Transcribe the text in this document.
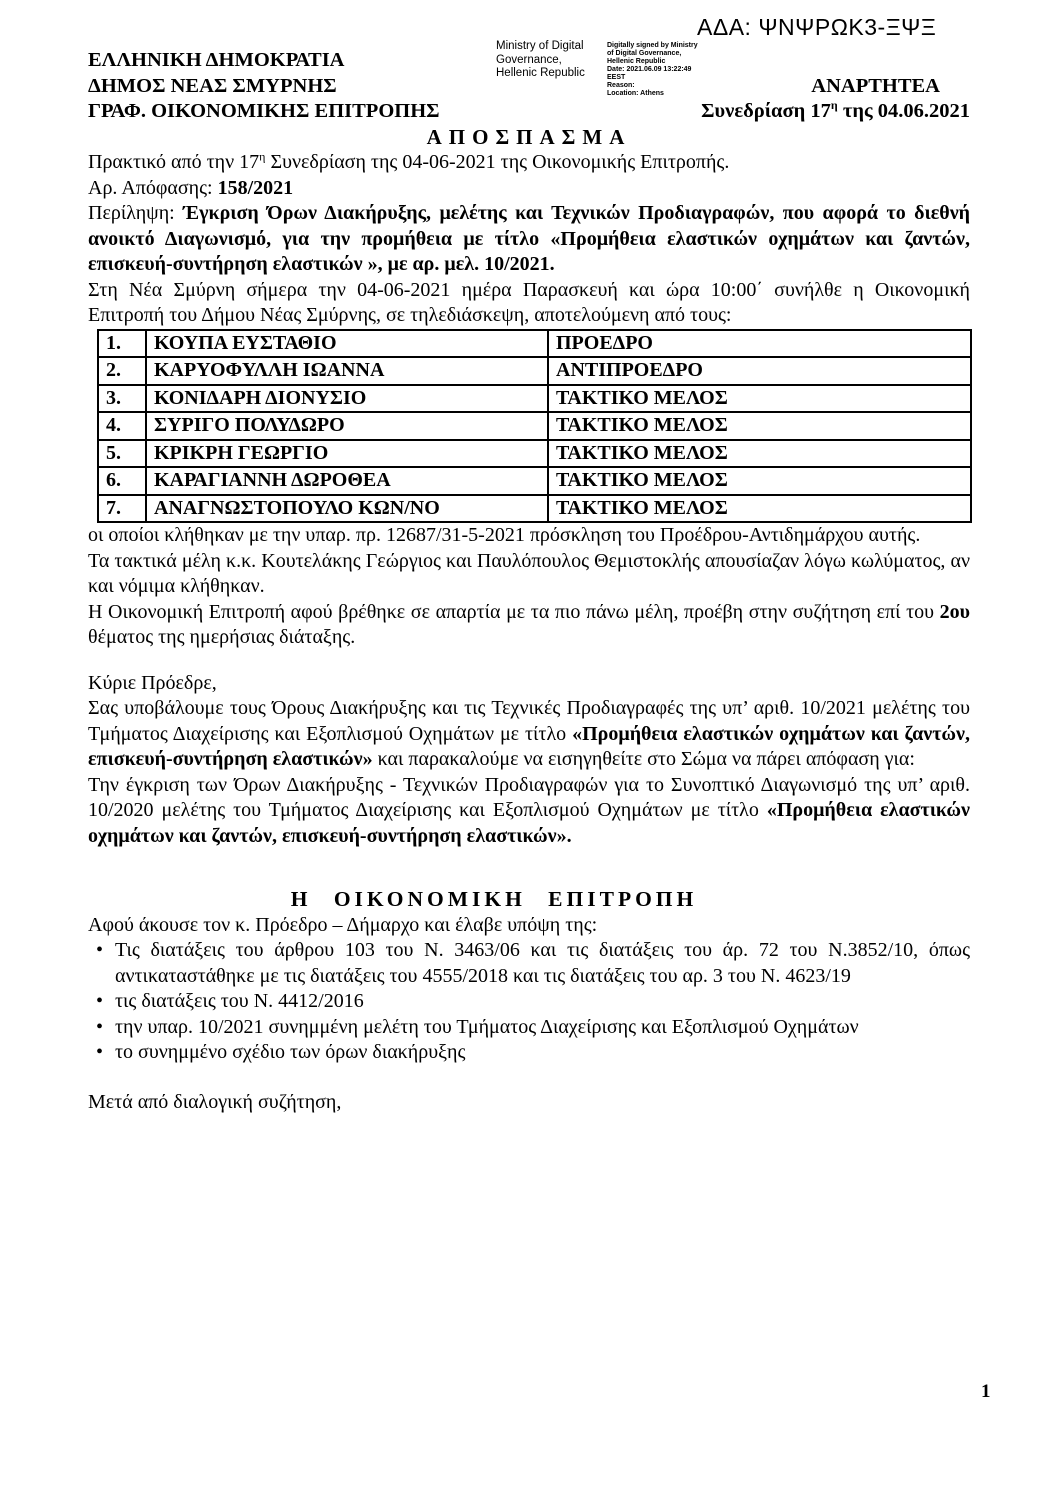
ΑΔΑ: ΨΝΨΡΩΚ3-ΞΨΞ
Ministry of Digital
Governance,
Hellenic Republic
Digitally signed by Ministry
of Digital Governance,
Hellenic Republic
Date: 2021.06.09 13:22:49
EEST
Reason:
Location: Athens
ΕΛΛΗΝΙΚΗ ΔΗΜΟΚΡΑΤΙΑ
ΔΗΜΟΣ ΝΕΑΣ ΣΜΥΡΝΗΣ
ΓΡΑΦ. ΟΙΚΟΝΟΜΙΚΗΣ ΕΠΙΤΡΟΠΗΣ
ΑΝΑΡΤΗΤΕΑ
Συνεδρίαση $17^\eta$ της 04.06.2021
ΑΠΟΣΠΑΣΜΑ
Πρακτικό από την $17^\eta$ Συνεδρίαση της 04-06-2021 της Οικονομικής Επιτροπής.
Αρ. Απόφασης: 158/2021
Περίληψη: Έγκριση Όρων Διακήρυξης, μελέτης και Τεχνικών Προδιαγραφών, που αφορά το διεθνή ανοικτό Διαγωνισμό, για την προμήθεια με τίτλο «Προμήθεια ελαστικών οχημάτων και ζαντών, επισκευή-συντήρηση ελαστικών », με αρ. μελ. 10/2021.
Στη Νέα Σμύρνη σήμερα την 04-06-2021 ημέρα Παρασκευή και ώρα 10:00΄ συνήλθε η Οικονομική Επιτροπή του Δήμου Νέας Σμύρνης, σε τηλεδιάσκεψη, αποτελούμενη από τους:
1.	ΚΟΥΠΑ ΕΥΣΤΑΘΙΟ	ΠΡΟΕΔΡΟ
2.	ΚΑΡΥΟΦΥΛΛΗ ΙΩΑΝΝΑ	ΑΝΤΙΠΡΟΕΔΡΟ
3.	ΚΟΝΙΔΑΡΗ ΔΙΟΝΥΣΙΟ	ΤΑΚΤΙΚΟ ΜΕΛΟΣ
4.	ΣΥΡΙΓΟ ΠΟΛΥΔΩΡΟ	ΤΑΚΤΙΚΟ ΜΕΛΟΣ
5.	ΚΡΙΚΡΗ ΓΕΩΡΓΙΟ	ΤΑΚΤΙΚΟ ΜΕΛΟΣ
6.	ΚΑΡΑΓΙΑΝΝΗ ΔΩΡΟΘΕΑ	ΤΑΚΤΙΚΟ ΜΕΛΟΣ
7.	ΑΝΑΓΝΩΣΤΟΠΟΥΛΟ ΚΩΝ/ΝΟ	ΤΑΚΤΙΚΟ ΜΕΛΟΣ
οι οποίοι κλήθηκαν με την υπαρ. πρ. 12687/31-5-2021 πρόσκληση του Προέδρου-Αντιδημάρχου αυτής.
Τα τακτικά μέλη κ.κ. Κουτελάκης Γεώργιος και Παυλόπουλος Θεμιστοκλής απουσίαζαν λόγω κωλύματος, αν και νόμιμα κλήθηκαν.
Η Οικονομική Επιτροπή αφού βρέθηκε σε απαρτία με τα πιο πάνω μέλη, προέβη στην συζήτηση επί του 2ου θέματος της ημερήσιας διάταξης.
Κύριε Πρόεδρε,
Σας υποβάλουμε τους Όρους Διακήρυξης και τις Τεχνικές Προδιαγραφές της υπ’ αριθ. 10/2021 μελέτης του Τμήματος Διαχείρισης και Εξοπλισμού Οχημάτων με τίτλο «Προμήθεια ελαστικών οχημάτων και ζαντών, επισκευή-συντήρηση ελαστικών» και παρακαλούμε να εισηγηθείτε στο Σώμα να πάρει απόφαση για:
Την έγκριση των Όρων Διακήρυξης - Τεχνικών Προδιαγραφών για το Συνοπτικό Διαγωνισμό της υπ’ αριθ. 10/2020 μελέτης του Τμήματος Διαχείρισης και Εξοπλισμού Οχημάτων με τίτλο «Προμήθεια ελαστικών οχημάτων και ζαντών, επισκευή-συντήρηση ελαστικών».
Η ΟΙΚΟΝΟΜΙΚΗ ΕΠΙΤΡΟΠΗ
Αφού άκουσε τον κ. Πρόεδρο – Δήμαρχο και έλαβε υπόψη της:
• Τις διατάξεις του άρθρου 103 του Ν. 3463/06 και τις διατάξεις του άρ. 72 του Ν.3852/10, όπως αντικαταστάθηκε με τις διατάξεις του 4555/2018 και τις διατάξεις του αρ. 3 του Ν. 4623/19
• τις διατάξεις του Ν. 4412/2016
• την υπαρ. 10/2021 συνημμένη μελέτη του Τμήματος Διαχείρισης και Εξοπλισμού Οχημάτων
• το συνημμένο σχέδιο των όρων διακήρυξης
Μετά από διαλογική συζήτηση,
1
